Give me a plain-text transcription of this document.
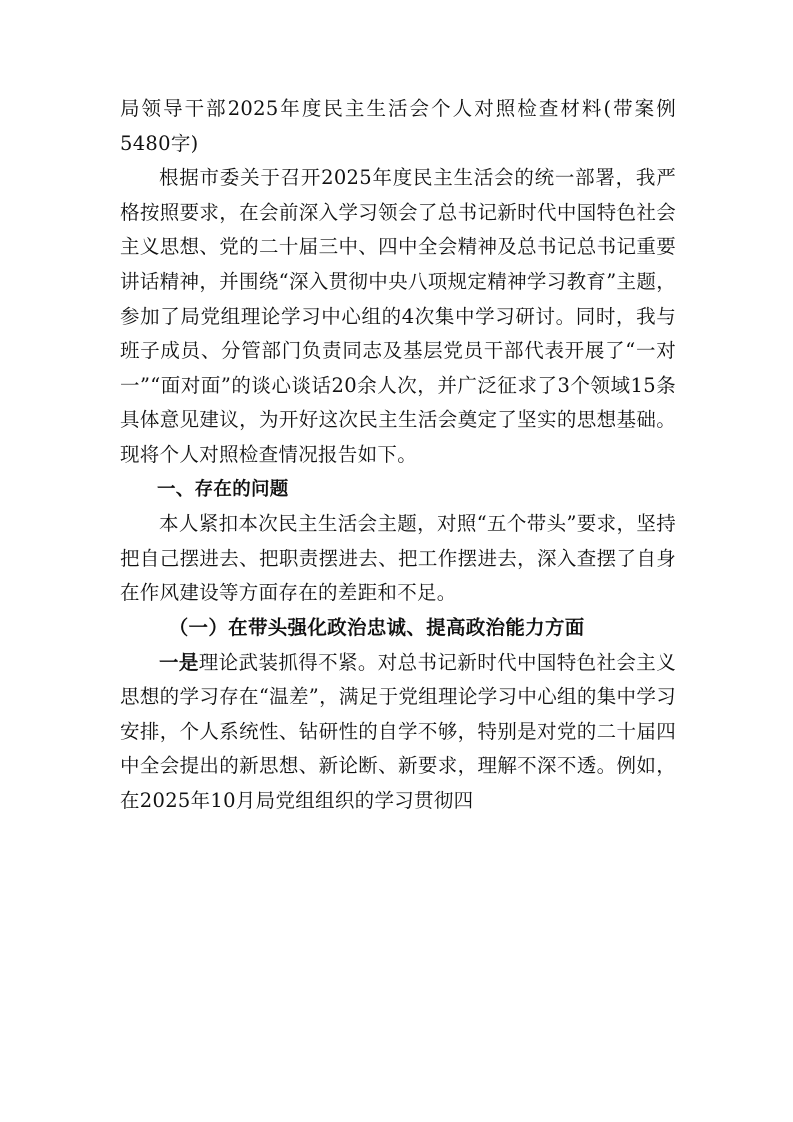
局领导干部2025年度民主生活会个人对照检查材料(带案例5480字)

根据市委关于召开2025年度民主生活会的统一部署，我严格按照要求，在会前深入学习领会了总书记新时代中国特色社会主义思想、党的二十届三中、四中全会精神及总书记总书记重要讲话精神，并围绕“深入贯彻中央八项规定精神学习教育”主题，参加了局党组理论学习中心组的4次集中学习研讨。同时，我与班子成员、分管部门负责同志及基层党员干部代表开展了“一对一”“面对面”的谈心谈话20余人次，并广泛征求了3个领域15条具体意见建议，为开好这次民主生活会奠定了坚实的思想基础。现将个人对照检查情况报告如下。

一、存在的问题

本人紧扣本次民主生活会主题，对照“五个带头”要求，坚持把自己摆进去、把职责摆进去、把工作摆进去，深入查摆了自身在作风建设等方面存在的差距和不足。

（一）在带头强化政治忠诚、提高政治能力方面

一是理论武装抓得不紧。对总书记新时代中国特色社会主义思想的学习存在“温差”，满足于党组理论学习中心组的集中学习安排，个人系统性、钻研性的自学不够，特别是对党的二十届四中全会提出的新思想、新论断、新要求，理解不深不透。例如，在2025年10月局党组组织的学习贯彻四
